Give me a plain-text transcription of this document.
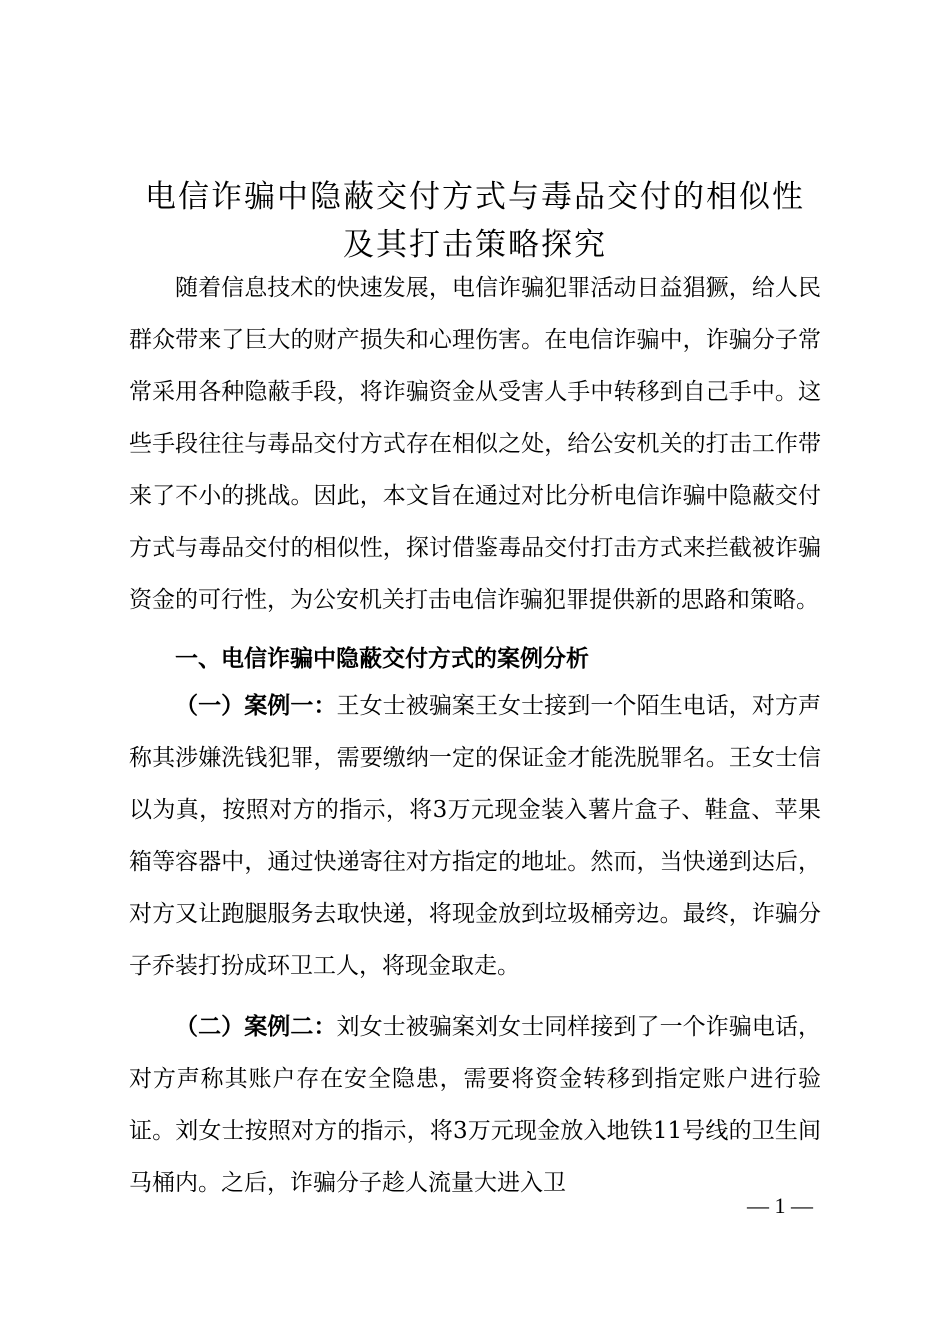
电信诈骗中隐蔽交付方式与毒品交付的相似性
及其打击策略探究

随着信息技术的快速发展，电信诈骗犯罪活动日益猖獗，给人民群众带来了巨大的财产损失和心理伤害。在电信诈骗中，诈骗分子常常采用各种隐蔽手段，将诈骗资金从受害人手中转移到自己手中。这些手段往往与毒品交付方式存在相似之处，给公安机关的打击工作带来了不小的挑战。因此，本文旨在通过对比分析电信诈骗中隐蔽交付方式与毒品交付的相似性，探讨借鉴毒品交付打击方式来拦截被诈骗资金的可行性，为公安机关打击电信诈骗犯罪提供新的思路和策略。

一、电信诈骗中隐蔽交付方式的案例分析

（一）案例一：王女士被骗案王女士接到一个陌生电话，对方声称其涉嫌洗钱犯罪，需要缴纳一定的保证金才能洗脱罪名。王女士信以为真，按照对方的指示，将3万元现金装入薯片盒子、鞋盒、苹果箱等容器中，通过快递寄往对方指定的地址。然而，当快递到达后，对方又让跑腿服务去取快递，将现金放到垃圾桶旁边。最终，诈骗分子乔装打扮成环卫工人，将现金取走。

（二）案例二：刘女士被骗案刘女士同样接到了一个诈骗电话，对方声称其账户存在安全隐患，需要将资金转移到指定账户进行验证。刘女士按照对方的指示，将3万元现金放入地铁11号线的卫生间马桶内。之后，诈骗分子趁人流量大进入卫

— 1 —
